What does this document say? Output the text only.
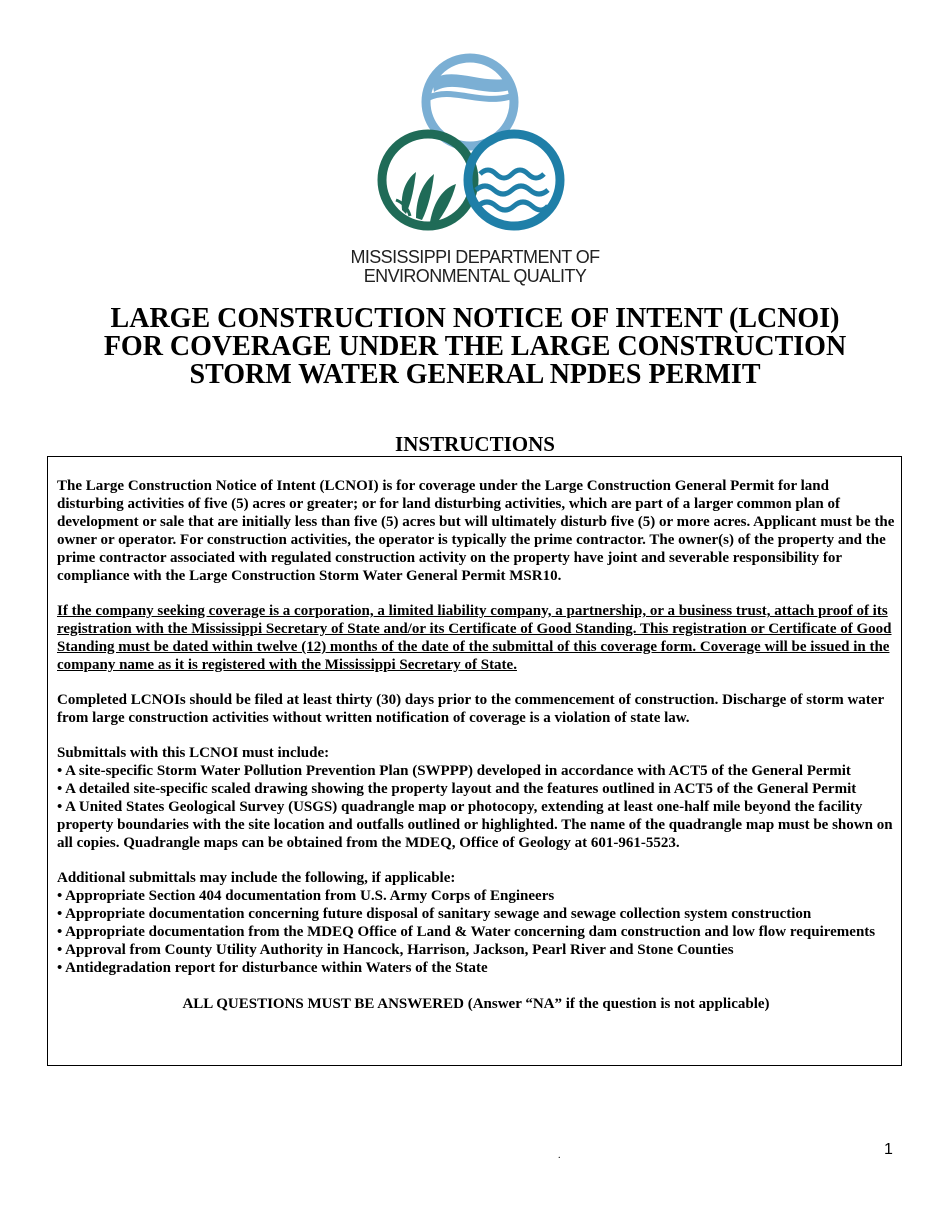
MISSISSIPPI DEPARTMENT OF
ENVIRONMENTAL QUALITY
LARGE CONSTRUCTION NOTICE OF INTENT (LCNOI)
FOR COVERAGE UNDER THE LARGE CONSTRUCTION
STORM WATER GENERAL NPDES PERMIT
INSTRUCTIONS

The Large Construction Notice of Intent (LCNOI) is for coverage under the Large Construction General Permit for land disturbing activities of five (5) acres or greater; or for land disturbing activities, which are part of a larger common plan of development or sale that are initially less than five (5) acres but will ultimately disturb five (5) or more acres. Applicant must be the owner or operator. For construction activities, the operator is typically the prime contractor. The owner(s) of the property and the prime contractor associated with regulated construction activity on the property have joint and severable responsibility for compliance with the Large Construction Storm Water General Permit MSR10.

If the company seeking coverage is a corporation, a limited liability company, a partnership, or a business trust, attach proof of its registration with the Mississippi Secretary of State and/or its Certificate of Good Standing. This registration or Certificate of Good Standing must be dated within twelve (12) months of the date of the submittal of this coverage form. Coverage will be issued in the company name as it is registered with the Mississippi Secretary of State.

Completed LCNOIs should be filed at least thirty (30) days prior to the commencement of construction. Discharge of storm water from large construction activities without written notification of coverage is a violation of state law.

Submittals with this LCNOI must include:
• A site-specific Storm Water Pollution Prevention Plan (SWPPP) developed in accordance with ACT5 of the General Permit
• A detailed site-specific scaled drawing showing the property layout and the features outlined in ACT5 of the General Permit
• A United States Geological Survey (USGS) quadrangle map or photocopy, extending at least one-half mile beyond the facility property boundaries with the site location and outfalls outlined or highlighted. The name of the quadrangle map must be shown on all copies. Quadrangle maps can be obtained from the MDEQ, Office of Geology at 601-961-5523.
Additional submittals may include the following, if applicable:
• Appropriate Section 404 documentation from U.S. Army Corps of Engineers
• Appropriate documentation concerning future disposal of sanitary sewage and sewage collection system construction
• Appropriate documentation from the MDEQ Office of Land & Water concerning dam construction and low flow requirements
• Approval from County Utility Authority in Hancock, Harrison, Jackson, Pearl River and Stone Counties
• Antidegradation report for disturbance within Waters of the State
ALL QUESTIONS MUST BE ANSWERED (Answer “NA” if the question is not applicable)
.	1
